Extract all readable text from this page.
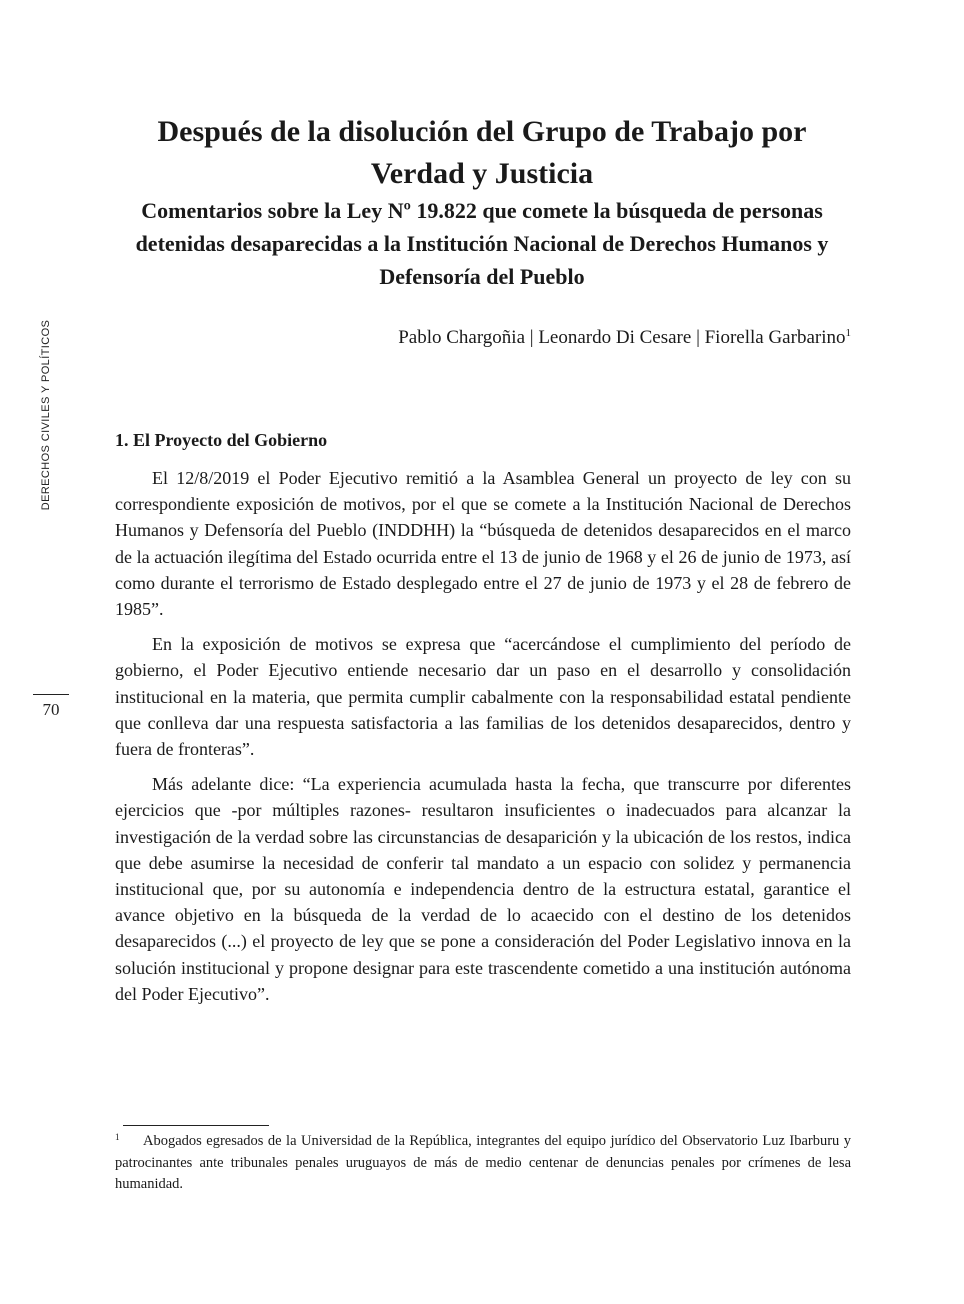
DERECHOS CIVILES Y POLÍTICOS
70
Después de la disolución del Grupo de Trabajo por Verdad y Justicia
Comentarios sobre la Ley Nº 19.822 que comete la búsqueda de personas detenidas desaparecidas a la Institución Nacional de Derechos Humanos y Defensoría del Pueblo
Pablo Chargoñia | Leonardo Di Cesare | Fiorella Garbarino$^1$
1. El Proyecto del Gobierno

El 12/8/2019 el Poder Ejecutivo remitió a la Asamblea General un proyecto de ley con su correspondiente exposición de motivos, por el que se comete a la Institución Nacional de Derechos Humanos y Defensoría del Pueblo (INDDHH) la “búsqueda de detenidos desaparecidos en el marco de la actuación ilegítima del Estado ocurrida entre el 13 de junio de 1968 y el 26 de junio de 1973, así como durante el terrorismo de Estado desplegado entre el 27 de junio de 1973 y el 28 de febrero de 1985”.

En la exposición de motivos se expresa que “acercándose el cumplimiento del período de gobierno, el Poder Ejecutivo entiende necesario dar un paso en el desarrollo y consolidación institucional en la materia, que permita cumplir cabalmente con la responsabilidad estatal pendiente que conlleva dar una respuesta satisfactoria a las familias de los detenidos desaparecidos, dentro y fuera de fronteras”.

Más adelante dice: “La experiencia acumulada hasta la fecha, que transcurre por diferentes ejercicios que -por múltiples razones- resultaron insuficientes o inadecuados para alcanzar la investigación de la verdad sobre las circunstancias de desaparición y la ubicación de los restos, indica que debe asumirse la necesidad de conferir tal mandato a un espacio con solidez y permanencia institucional que, por su autonomía e independencia dentro de la estructura estatal, garantice el avance objetivo en la búsqueda de la verdad de lo acaecido con el destino de los detenidos desaparecidos (...) el proyecto de ley que se pone a consideración del Poder Legislativo innova en la solución institucional y propone designar para este trascendente cometido a una institución autónoma del Poder Ejecutivo”.

1 Abogados egresados de la Universidad de la República, integrantes del equipo jurídico del Observatorio Luz Ibarburu y patrocinantes ante tribunales penales uruguayos de más de medio centenar de denuncias penales por crímenes de lesa humanidad.
